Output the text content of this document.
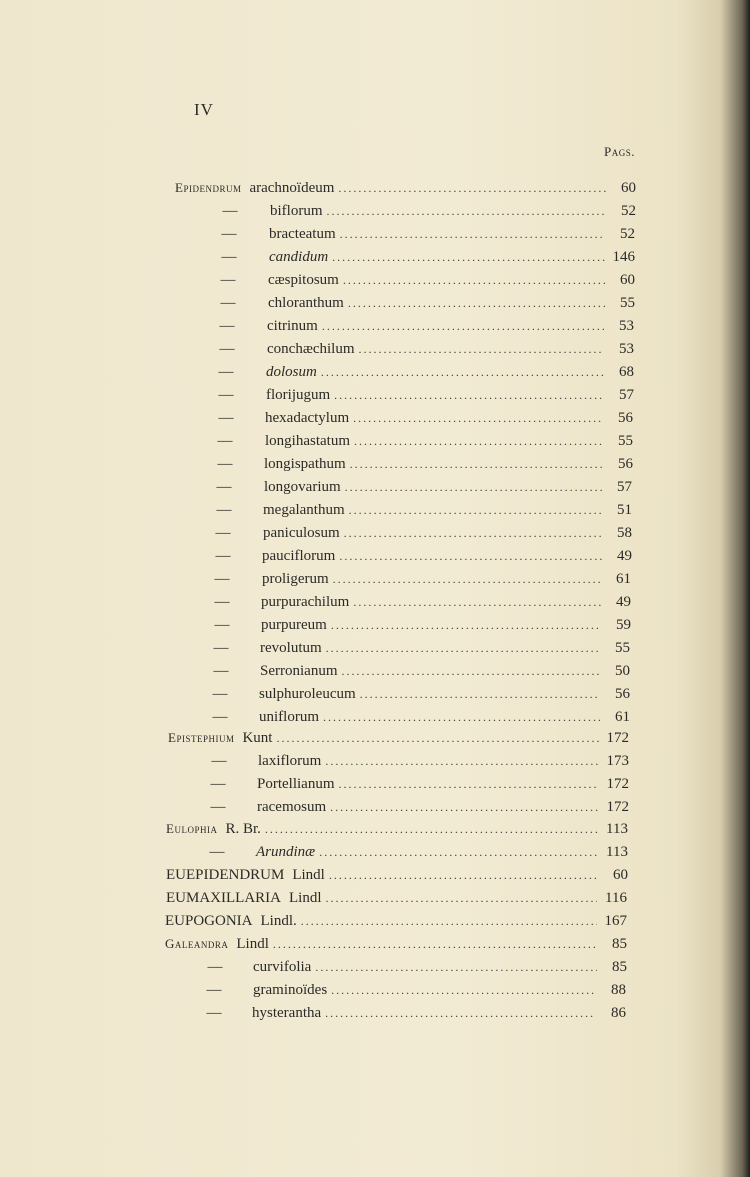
IV
Pags.
Epidendrum arachnoïdeum .....	60
—	biflorum .....	52
—	bracteatum .....	52
—	candidum .....	146
—	cæspitosum .....	60
—	chloranthum .....	55
—	citrinum .....	53
—	conchæchilum .....	53
—	dolosum .....	68
—	florijugum .....	57
—	hexadactylum .....	56
—	longihastatum .....	55
—	longispathum .....	56
—	longovarium .....	57
—	megalanthum .....	51
—	paniculosum .....	58
—	pauciflorum .....	49
—	proligerum .....	61
—	purpurachilum .....	49
—	purpureum .....	59
—	revolutum .....	55
—	Serronianum .....	50
—	sulphuroleucum .....	56
—	uniflorum .....	61
Epistephium Kunt .....	172
—	laxiflorum .....	173
—	Portellianum .....	172
—	racemosum .....	172
Eulophia R. Br. .....	113
—	Arundinæ .....	113
EUEPIDENDRUM Lindl .....	60
EUMAXILLARIA Lindl .....	116
EUPOGONIA Lindl. .....	167
Galeandra Lindl .....	85
—	curvifolia .....	85
—	graminoïdes .....	88
—	hysterantha .....	86
